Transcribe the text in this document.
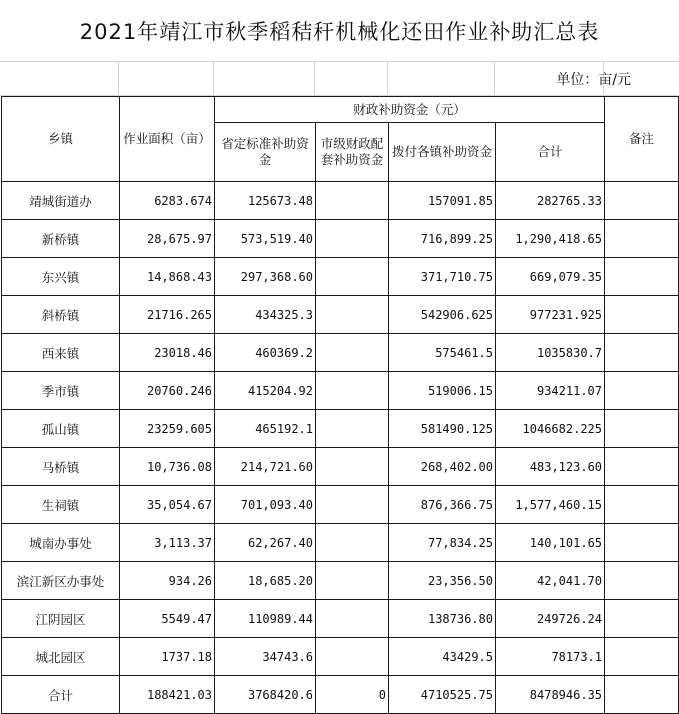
2021年靖江市秋季稻秸秆机械化还田作业补助汇总表
单位：亩/元
乡镇	作业面积（亩）	财政补助资金（元）				备注
		省定标准补助资金	市级财政配套补助资金	拨付各镇补助资金	合计	
靖城街道办	6283.674	125673.48		157091.85	282765.33	
新桥镇	28,675.97	573,519.40		716,899.25	1,290,418.65	
东兴镇	14,868.43	297,368.60		371,710.75	669,079.35	
斜桥镇	21716.265	434325.3		542906.625	977231.925	
西来镇	23018.46	460369.2		575461.5	1035830.7	
季市镇	20760.246	415204.92		519006.15	934211.07	
孤山镇	23259.605	465192.1		581490.125	1046682.225	
马桥镇	10,736.08	214,721.60		268,402.00	483,123.60	
生祠镇	35,054.67	701,093.40		876,366.75	1,577,460.15	
城南办事处	3,113.37	62,267.40		77,834.25	140,101.65	
滨江新区办事处	934.26	18,685.20		23,356.50	42,041.70	
江阴园区	5549.47	110989.44		138736.80	249726.24	
城北园区	1737.18	34743.6		43429.5	78173.1	
合计	188421.03	3768420.6	0	4710525.75	8478946.35	
